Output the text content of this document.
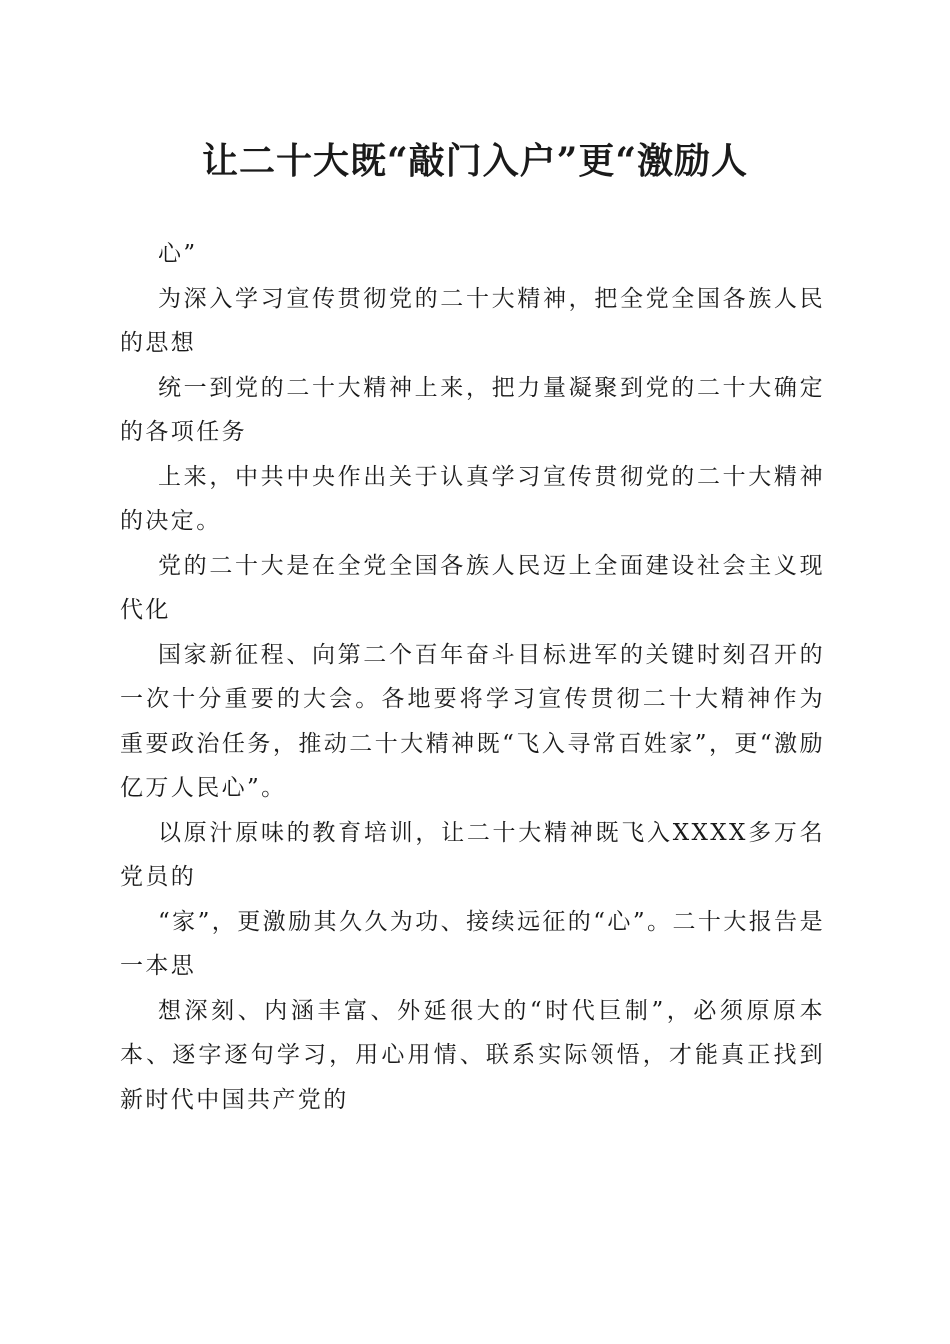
让二十大既“敲门入户”更“激励人

心”

为深入学习宣传贯彻党的二十大精神，把全党全国各族人民的思想

统一到党的二十大精神上来，把力量凝聚到党的二十大确定的各项任务

上来，中共中央作出关于认真学习宣传贯彻党的二十大精神的决定。

党的二十大是在全党全国各族人民迈上全面建设社会主义现代化

国家新征程、向第二个百年奋斗目标进军的关键时刻召开的一次十分重要的大会。各地要将学习宣传贯彻二十大精神作为重要政治任务，推动二十大精神既“飞入寻常百姓家”，更“激励亿万人民心”。

以原汁原味的教育培训，让二十大精神既飞入XXXX多万名党员的

“家”，更激励其久久为功、接续远征的“心”。二十大报告是一本思

想深刻、内涵丰富、外延很大的“时代巨制”，必须原原本本、逐字逐句学习，用心用情、联系实际领悟，才能真正找到新时代中国共产党的
